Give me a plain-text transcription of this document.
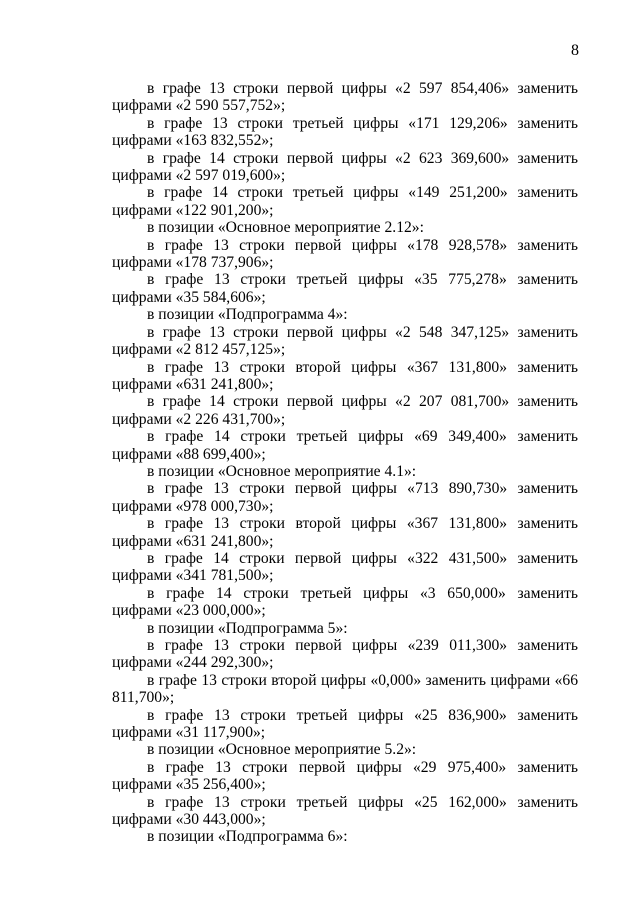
8

в графе 13 строки первой цифры «2 597 854,406» заменить цифрами «2 590 557,752»;

в графе 13 строки третьей цифры «171 129,206» заменить цифрами «163 832,552»;

в графе 14 строки первой цифры «2 623 369,600» заменить цифрами «2 597 019,600»;

в графе 14 строки третьей цифры «149 251,200» заменить цифрами «122 901,200»;

в позиции «Основное мероприятие 2.12»:

в графе 13 строки первой цифры «178 928,578» заменить цифрами «178 737,906»;

в графе 13 строки третьей цифры «35 775,278» заменить цифрами «35 584,606»;

в позиции «Подпрограмма 4»:

в графе 13 строки первой цифры «2 548 347,125» заменить цифрами «2 812 457,125»;

в графе 13 строки второй цифры «367 131,800» заменить цифрами «631 241,800»;

в графе 14 строки первой цифры «2 207 081,700» заменить цифрами «2 226 431,700»;

в графе 14 строки третьей цифры «69 349,400» заменить цифрами «88 699,400»;

в позиции «Основное мероприятие 4.1»:

в графе 13 строки первой цифры «713 890,730» заменить цифрами «978 000,730»;

в графе 13 строки второй цифры «367 131,800» заменить цифрами «631 241,800»;

в графе 14 строки первой цифры «322 431,500» заменить цифрами «341 781,500»;

в графе 14 строки третьей цифры «3 650,000» заменить цифрами «23 000,000»;

в позиции «Подпрограмма 5»:

в графе 13 строки первой цифры «239 011,300» заменить цифрами «244 292,300»;

в графе 13 строки второй цифры «0,000» заменить цифрами «66 811,700»;

в графе 13 строки третьей цифры «25 836,900» заменить цифрами «31 117,900»;

в позиции «Основное мероприятие 5.2»:

в графе 13 строки первой цифры «29 975,400» заменить цифрами «35 256,400»;

в графе 13 строки третьей цифры «25 162,000» заменить цифрами «30 443,000»;

в позиции «Подпрограмма 6»:
